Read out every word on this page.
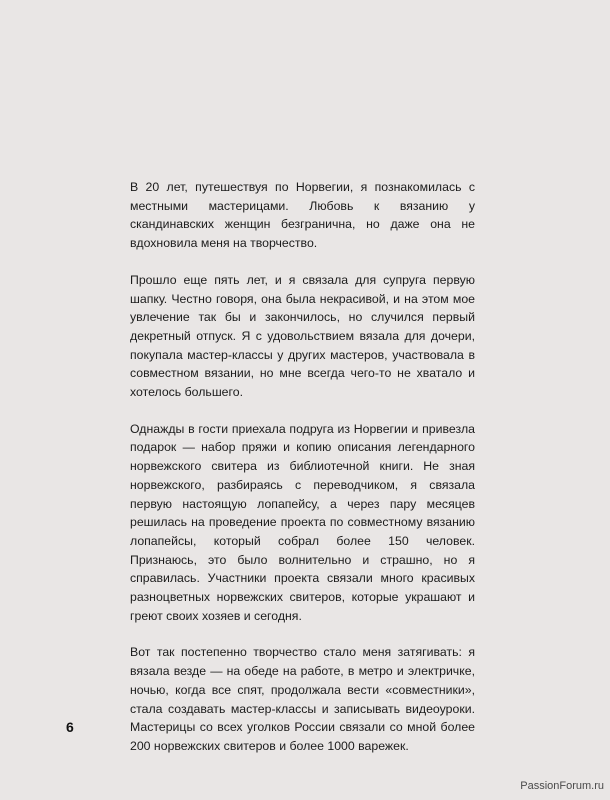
В 20 лет, путешествуя по Норвегии, я познакомилась с местными мастерицами. Любовь к вязанию у скандинавских женщин безгранична, но даже она не вдохновила меня на творчество.

Прошло еще пять лет, и я связала для супруга первую шапку. Честно говоря, она была некрасивой, и на этом мое увлечение так бы и закончилось, но случился первый декретный отпуск. Я с удовольствием вязала для дочери, покупала мастер-классы у других мастеров, участвовала в совместном вязании, но мне всегда чего-то не хватало и хотелось большего.

Однажды в гости приехала подруга из Норвегии и привезла подарок — набор пряжи и копию описания легендарного норвежского свитера из библиотечной книги. Не зная норвежского, разбираясь с переводчиком, я связала первую настоящую лопапейсу, а через пару месяцев решилась на проведение проекта по совместному вязанию лопапейсы, который собрал более 150 человек. Признаюсь, это было волнительно и страшно, но я справилась. Участники проекта связали много красивых разноцветных норвежских свитеров, которые украшают и греют своих хозяев и сегодня.

Вот так постепенно творчество стало меня затягивать: я вязала везде — на обеде на работе, в метро и электричке, ночью, когда все спят, продолжала вести «совместники», стала создавать мастер-классы и записывать видеоуроки. Мастерицы со всех уголков России связали со мной более 200 норвежских свитеров и более 1000 варежек.

6
PassionForum.ru
